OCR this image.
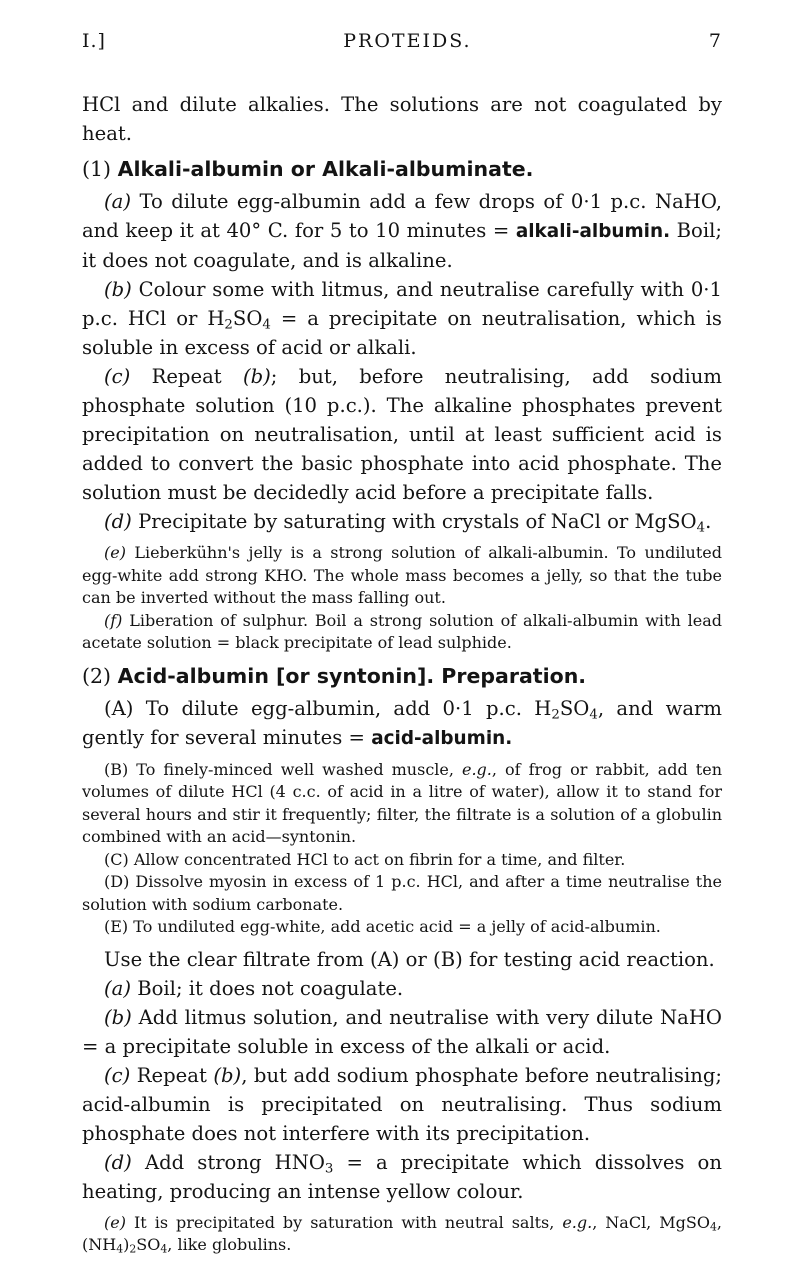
I.]	PROTEIDS.	7

HCl and dilute alkalies. The solutions are not coagulated by heat.

(1) Alkali-albumin or Alkali-albuminate.

(a) To dilute egg-albumin add a few drops of 0·1 p.c. NaHO, and keep it at 40° C. for 5 to 10 minutes = alkali-albumin. Boil; it does not coagulate, and is alkaline.

(b) Colour some with litmus, and neutralise carefully with 0·1 p.c. HCl or $H_2SO_4 = a$ precipitate on neutralisation, which is soluble in excess of acid or alkali.

(c) Repeat (b); but, before neutralising, add sodium phosphate solution (10 p.c.). The alkaline phosphates prevent precipitation on neutralisation, until at least sufficient acid is added to convert the basic phosphate into acid phosphate. The solution must be decidedly acid before a precipitate falls.

(d) Precipitate by saturating with crystals of NaCl or MgSO$_4$.

(e) Lieberkühn's jelly is a strong solution of alkali-albumin. To undiluted egg-white add strong KHO. The whole mass becomes a jelly, so that the tube can be inverted without the mass falling out.

(f) Liberation of sulphur. Boil a strong solution of alkali-albumin with lead acetate solution = black precipitate of lead sulphide.

(2) Acid-albumin [or syntonin]. Preparation.

(A) To dilute egg-albumin, add 0·1 p.c. $H_2SO_4$, and warm gently for several minutes = acid-albumin.

(B) To finely-minced well washed muscle, e.g., of frog or rabbit, add ten volumes of dilute HCl (4 c.c. of acid in a litre of water), allow it to stand for several hours and stir it frequently; filter, the filtrate is a solution of a globulin combined with an acid—syntonin.

(C) Allow concentrated HCl to act on fibrin for a time, and filter.

(D) Dissolve myosin in excess of 1 p.c. HCl, and after a time neutralise the solution with sodium carbonate.

(E) To undiluted egg-white, add acetic acid = a jelly of acid-albumin.

Use the clear filtrate from (A) or (B) for testing acid reaction.

(a) Boil; it does not coagulate.

(b) Add litmus solution, and neutralise with very dilute NaHO = a precipitate soluble in excess of the alkali or acid.

(c) Repeat (b), but add sodium phosphate before neutralising; acid-albumin is precipitated on neutralising. Thus sodium phosphate does not interfere with its precipitation.

(d) Add strong $HNO_3 = a$ precipitate which dissolves on heating, producing an intense yellow colour.

(e) It is precipitated by saturation with neutral salts, e.g., NaCl, MgSO$_4$, $(NH_4)_2SO_4$, like globulins.
